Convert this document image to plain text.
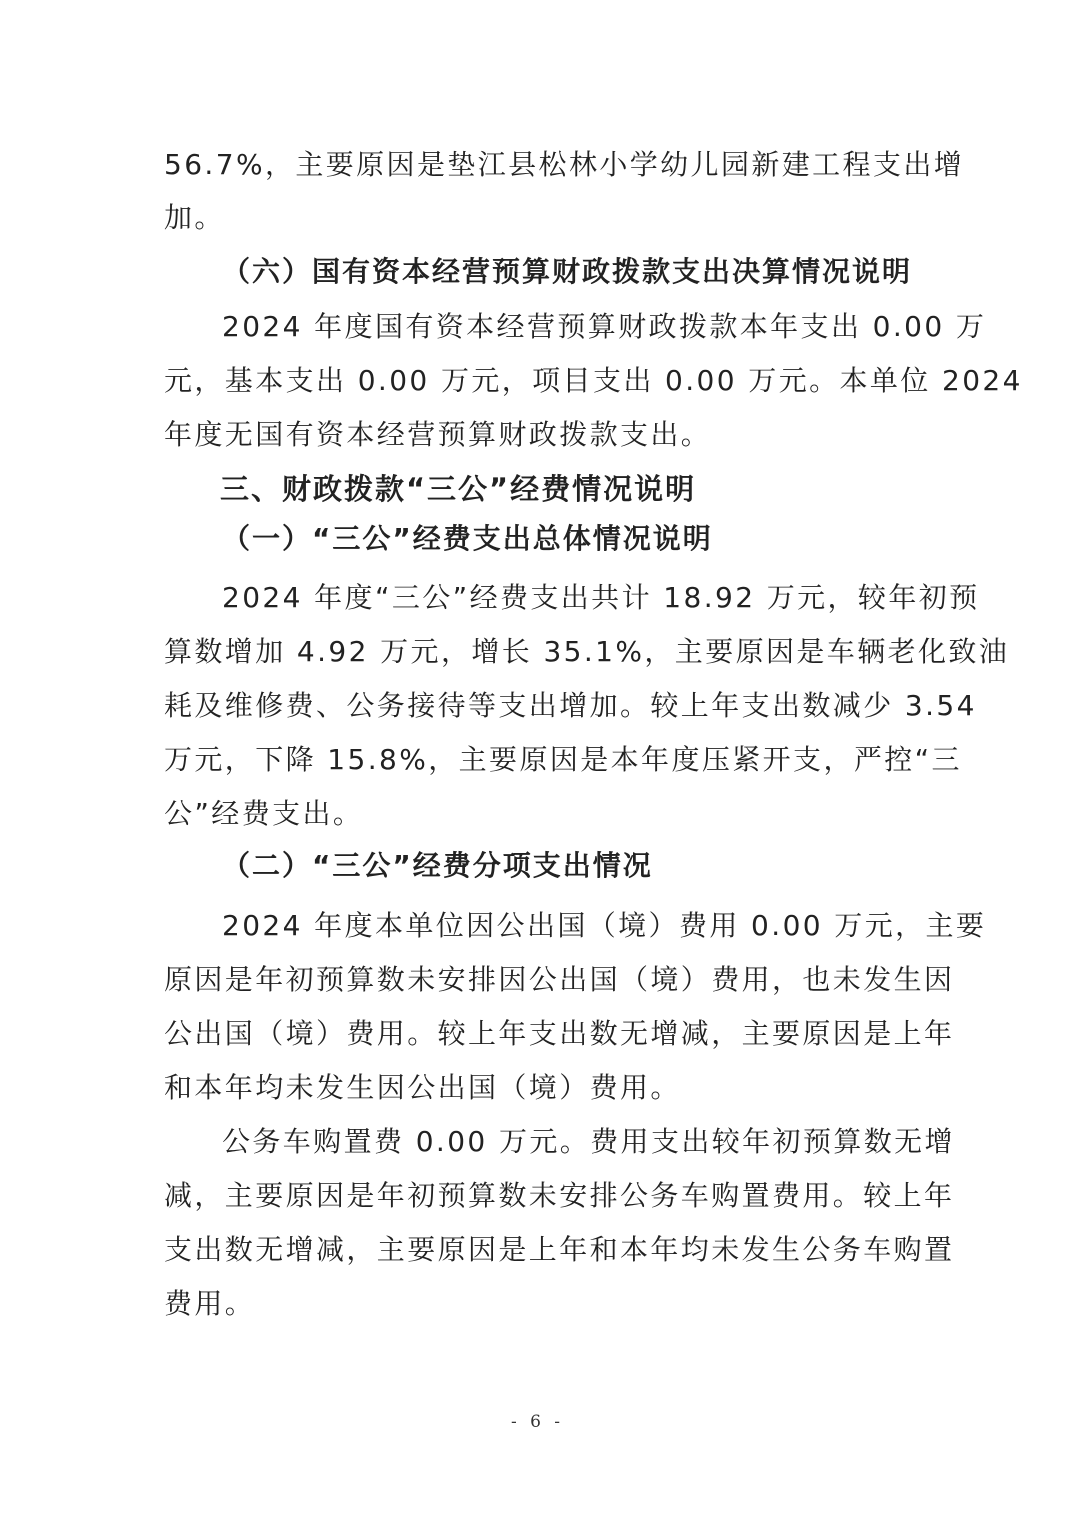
56.7%，主要原因是垫江县松林小学幼儿园新建工程支出增
加。
（六）国有资本经营预算财政拨款支出决算情况说明
2024 年度国有资本经营预算财政拨款本年支出 0.00 万
元，基本支出 0.00 万元，项目支出 0.00 万元。本单位 2024
年度无国有资本经营预算财政拨款支出。
三、财政拨款“三公”经费情况说明
（一）“三公”经费支出总体情况说明
2024 年度“三公”经费支出共计 18.92 万元，较年初预
算数增加 4.92 万元，增长 35.1%，主要原因是车辆老化致油
耗及维修费、公务接待等支出增加。较上年支出数减少 3.54
万元，下降 15.8%，主要原因是本年度压紧开支，严控“三
公”经费支出。
（二）“三公”经费分项支出情况
2024 年度本单位因公出国（境）费用 0.00 万元，主要
原因是年初预算数未安排因公出国（境）费用，也未发生因
公出国（境）费用。较上年支出数无增减，主要原因是上年
和本年均未发生因公出国（境）费用。
公务车购置费 0.00 万元。费用支出较年初预算数无增
减，主要原因是年初预算数未安排公务车购置费用。较上年
支出数无增减，主要原因是上年和本年均未发生公务车购置
费用。
- 6 -
